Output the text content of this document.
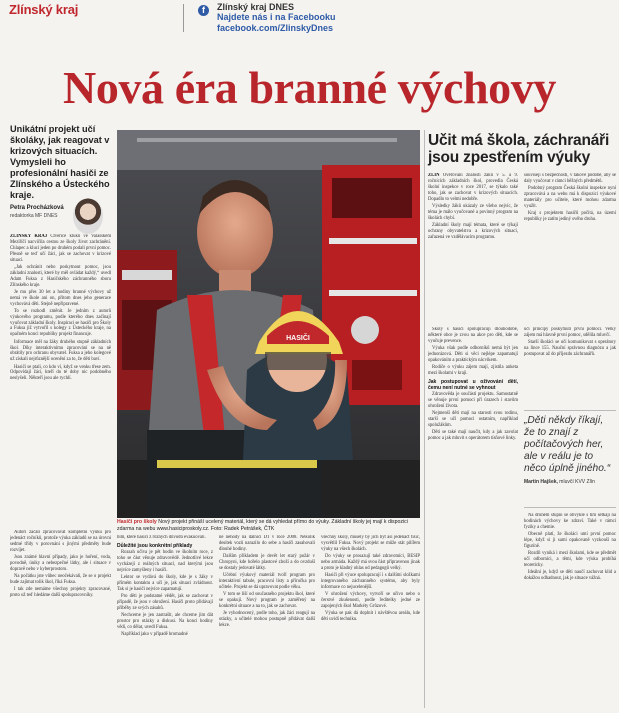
Zlínský kraj	f	Zlínský kraj DNES
Najdete nás i na Facebooku
facebook.com/ZlinskyDnes
Nová éra branné výchovy
Unikátní projekt učí školáky, jak reagovat v krizových situacích. Vymysleli ho profesionální hasiči ze Zlínského a Ústeckého kraje.
Petra Procházková
redaktorka MF DNES

ZLÍNSKÝ KRAJ Čtveřice kluků ve Valašském Meziříčí nacvičila cestou ze školy život zachránění. Chlapec a kluci jeden po druhém podali první pomoc. Přesně se teď učí žáci, jak se zachovat v krizové situaci.

„Jak ochránit nebo poskytnout pomoc, jsou základní znalosti, které by měl ovládat každý,“ uvedl Adam Fuksa z Hasičského záchranného sboru Zlínského kraje.

Je mu přes 30 let a hodiny branné výchovy už nemá ve škole ani on, přitom dnes jeho generace vychovává děti. Stejně nepřipravené.

To se rozhodl změnit. Je jedním z autorů výukového programu, podle kterého dnes začínají vyučovat základní školy. Inspiraci se hasiči pro Školy a Fuksa již vytvořil s kolegy z Ústeckého kraje, na opačném konci republiky projekt financuje.

Informace měl na žáky druhého stupně základních škol. Díky interaktivnímu zpracování se na ně obrátily pro ochranu obyvatel. Fuksa a jeho kolegové už získali nejrůznější ocenění za to, že děti baví.

Hasiči se ptali, co kdo ví, když se venku třese zem. Odpovídají žáci, kteří do té doby nic podobného neslyšeli. Někteří jsou ale rychlí.

Autoři začali zpracovávat kompletní výuku pro jedenáct ročníků, protože výuka základů se na úrovni sedmé třídy v porovnání s jinými předměty bude rozvíjet.

Jsou známé hlavní případy, jako je hoření, voda, povodně, úniky a nebezpečné látky, ale i situace v dopravě nebo v kyberprostoru.

Na počátku jste vůbec neočekávali, že se o projekt bude zajímat tolik škol, říká Fuksa.

I tak zde nemáme všechny projekty zpracované, proto už teď hledáme další spolupracovníky.

HASIČI
Hasiči pro školy Nový projekt přináší ucelený materiál, který se dá vyhledat přímo do výuky. Základní školy jej mají k dispozici zdarma na webu www.hasiciproskoly.cz. Foto: Radek Petrášek, ČTK

bím, které hasiči z různých důvodů evakuovali.

Důležité jsou konkrétní příklady

Rozsah učiva je pět hodin ve školním roce, z toho se část věnuje zdravovědě. Jednotlivé lekce vycházejí z reálných situací, nad kterými jsou nejvíce zamyšleny i hasiči.

Lektor se vydává do školy, kde je s žáky v přímém kontaktu a učí je, jak situaci zvládnout. Tak si je hasiči nejvíce zapamatují.

Pro děti je podstatné vědět, jak se zachovat v případě, že jsou v ohrožení. Hasiči proto přidávají příběhy ze svých zásahů.

Nechceme je jen zastrašit, ale chceme jim dát prostor pro otázky a diskusi. Na konci hodiny vědí, co dělat, uvedl Fuksa.

Například jako v případě hromadné

né nehody na dálnici D1 v roce 2008. Několik desítek vozů narazilo do sebe a hasiči zasahovali dlouhé hodiny.

Dalším příkladem je devět let starý požár v Chropyni, kde hořelo plastové zboží a do ovzduší se dostaly jedovaté látky.

Učební výukový materiál tvoří program pro interaktivní tabule, pracovní listy a příručka pro učitele. Projekt se dá upravovat podle věku.

V tom se liší od současného projektu škol, které se opakují. Nový program je zaměřený na konkrétní situace a na to, jak se zachovat.

Je vyhodnocený, podle toho, jak žáci reagují na otázky, a učitelé mohou postupně přidávat další lekce.

všechny školy, musely by jich být asi jedenáct tisíc, vysvětlil Fuksa. Nový projekt se může stát pilířem výuky na všech školách.

Do výuky se prosazují také zdravotníci, BESIP nebo armáda. Každý má svou část připravenou jinak a proto je kladný ohlas od pedagogů velký.

Hasiči při výuce spolupracují i s dalšími složkami integrovaného záchranného systému, aby byly informace co nejucelenější.

V ohrožení výchovy, vytvoří se učivo nebo o čerstvé zkušenosti, podle ředitelky jedné ze zapojených škol Markéty Grůzové.

Výuka se pak dá doplnit i návštěvou areálu, kde děti uvidí techniku.

Učit má škola, záchranáři jsou zpestřením výuky

ZLÍN Ověřování znalostí žáků v 5. a 9. ročnících základních škol, provedla Česká školní inspekce v roce 2017, se týkalo také toho, jak se zachovat v krizových situacích. Dopadlo to velmi nedobře.

Výsledky žáků ukázaly ze všeho nejvíc, že téma je málo vyučované a povinný program na školách chybí.

Základní školy mají témata, které se týkají ochrany obyvatelstva a krizových situací, zařazená ve vzdělávacím programu.

Školy s hasiči spolupracují dlouhodobě, některé obce je zvou na akce pro děti, kde se vyučuje prevence.

Výuka však podle odborníků nemá být jen jednorázová. Děti si věci nejlépe zapamatují opakováním a praktickým nácvikem.

Rodiče o výuku zájem mají, zjistila anketa mezi školami v kraji.

Jak postupovat u ožívování dětí, čemu není nutné se vyhnout

Zdravověda je součástí projektu. Samostatně se věnuje první pomoci při úrazech i stavům ohrožení života.

Nejmenší děti mají na starosti svou rodinu, starší se učí pomoci ostatním, například spolužákům.

Děti se také mají naučit, kdy a jak zavolat pomoc a jak mluvit s operátorem tísňové linky.

souvisejí s bezpečností, v takové podobě, aby se daly vyučovat v rámci běžných předmětů.

Podobný program Česká školní inspekce nyní zpracovává a na webu má k dispozici výukové materiály pro učitele, které mohou zdarma využít.

Kraj s projektem hasičů počítá, na území republiky je zatím jediný svého druhu.

učí principy poskytnutí první pomoci. Velký zájem má hlavně první pomoc, sdělila mluvčí.

Starší školáci se učí komunikovat s operátory na lince 155. Nauční správnou diagnózu a jak postupovat až do příjezdu záchranářů.

„Děti někdy říkají, že to znají z počítačových her, ale v reálu je to něco úplně jiného.“
Martin Hajšek, mluvčí KVV Zlín

Na druhém stupni se obvykle s tím setkají na hodinách výchovy ke zdraví. Také v rámci fyziky a chemie.

Obecně platí, že školáci umí první pomoc lépe, když si ji sami opakovaně vyzkouší na figuríně.

Rozdíl vyniká i mezi školami, kde se předmět učí odborníci, a těmi, kde výuka probíhá teoreticky.

Ideální je, když se děti naučí zachovat klid a dokážou odhadnout, jak je situace vážná.
